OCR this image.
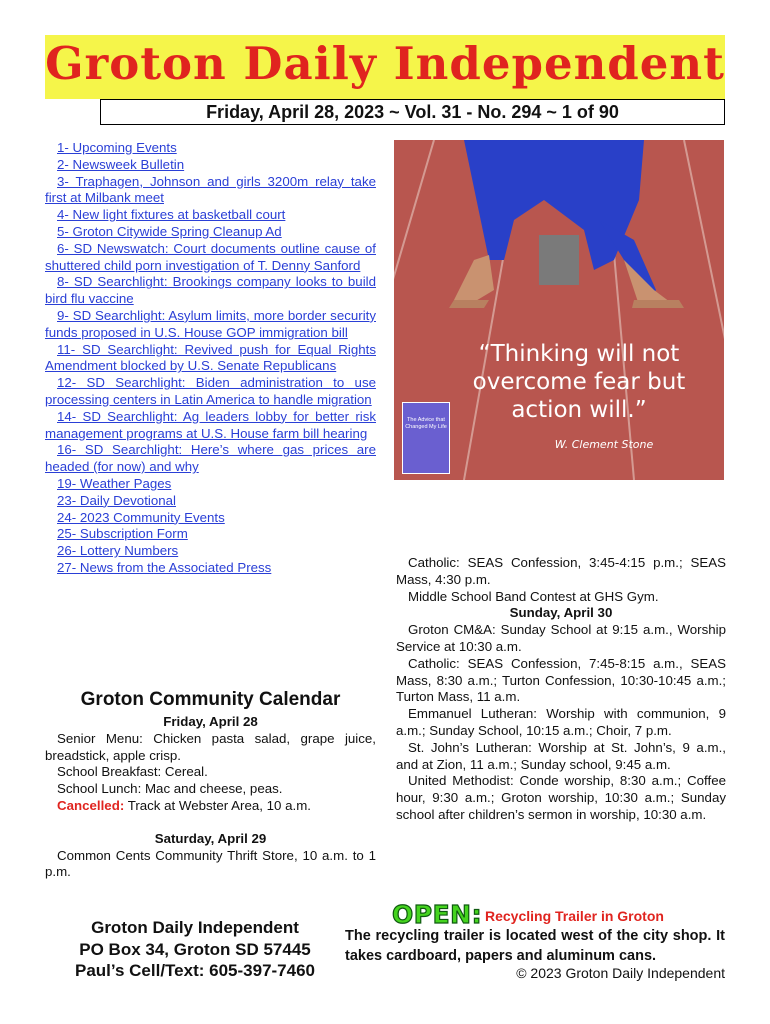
Groton Daily Independent
Friday, April 28, 2023 ~ Vol. 31 - No. 294 ~ 1 of 90

1- Upcoming Events

2- Newsweek Bulletin

3- Traphagen, Johnson and girls 3200m relay take first at Milbank meet

4- New light fixtures at basketball court

5- Groton Citywide Spring Cleanup Ad

6- SD Newswatch: Court documents outline cause of shuttered child porn investigation of T. Denny Sanford

8- SD Searchlight: Brookings company looks to build bird flu vaccine

9- SD Searchlight: Asylum limits, more border security funds proposed in U.S. House GOP immigration bill

11- SD Searchlight: Revived push for Equal Rights Amendment blocked by U.S. Senate Republicans

12- SD Searchlight: Biden administration to use processing centers in Latin America to handle migration

14- SD Searchlight: Ag leaders lobby for better risk management programs at U.S. House farm bill hearing

16- SD Searchlight: Here’s where gas prices are headed (for now) and why

19- Weather Pages

23- Daily Devotional

24- 2023 Community Events

25- Subscription Form

26- Lottery Numbers

27- News from the Associated Press

“Thinking will not overcome fear but action will.”
W. Clement Stone
The Advice that Changed My Life

Catholic: SEAS Confession, 3:45-4:15 p.m.; SEAS Mass, 4:30 p.m.

Middle School Band Contest at GHS Gym.

Sunday, April 30

Groton CM&A: Sunday School at 9:15 a.m., Worship Service at 10:30 a.m.

Catholic: SEAS Confession, 7:45-8:15 a.m., SEAS Mass, 8:30 a.m.; Turton Confession, 10:30-10:45 a.m.; Turton Mass, 11 a.m.

Emmanuel Lutheran: Worship with communion, 9 a.m.; Sunday School, 10:15 a.m.; Choir, 7 p.m.

St. John’s Lutheran: Worship at St. John’s, 9 a.m., and at Zion, 11 a.m.; Sunday school, 9:45 a.m.

United Methodist: Conde worship, 8:30 a.m.; Coffee hour, 9:30 a.m.; Groton worship, 10:30 a.m.; Sunday school after children’s sermon in worship, 10:30 a.m.

Groton Community Calendar

Friday, April 28

Senior Menu: Chicken pasta salad, grape juice, breadstick, apple crisp.

School Breakfast: Cereal.

School Lunch: Mac and cheese, peas.

Cancelled: Track at Webster Area, 10 a.m.

Saturday, April 29

Common Cents Community Thrift Store, 10 a.m. to 1 p.m.

Groton Daily Independent
PO Box 34, Groton SD 57445
Paul’s Cell/Text: 605-397-7460
OPEN: Recycling Trailer in Groton
The recycling trailer is located west of the city shop. It takes cardboard, papers and aluminum cans.
© 2023 Groton Daily Independent
